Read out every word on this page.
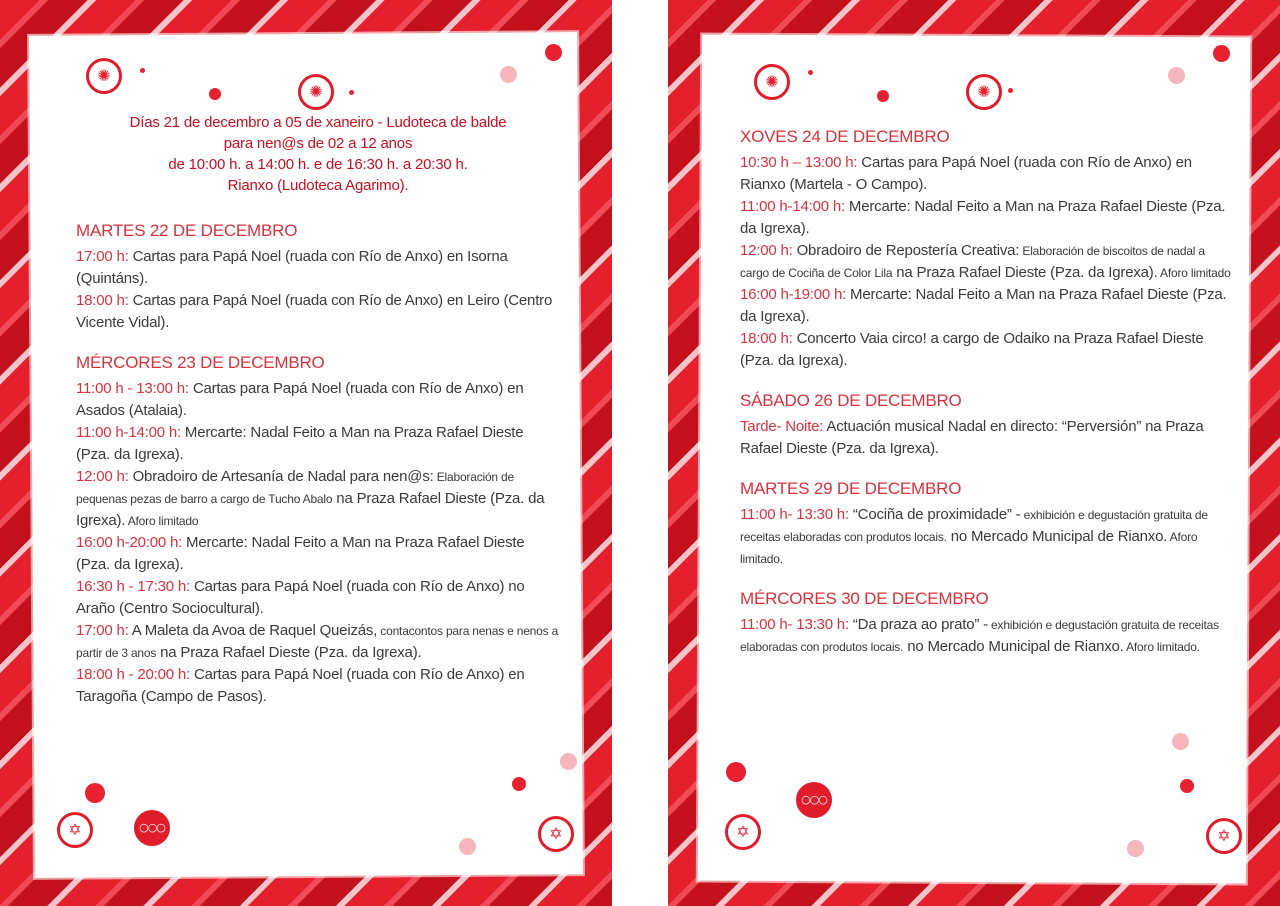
✺
✺
✡	○○○	✡
Días 21 de decembro a 05 de xaneiro - Ludoteca de balde
para nen@s de 02 a 12 anos
de 10:00 h. a 14:00 h. e de 16:30 h. a 20:30 h.
Rianxo (Ludoteca Agarimo).
MARTES 22 DE DECEMBRO

17:00 h: Cartas para Papá Noel (ruada con Río de Anxo) en Isorna (Quintáns).

18:00 h: Cartas para Papá Noel (ruada con Río de Anxo) en Leiro (Centro Vicente Vidal).

MÉRCORES 23 DE DECEMBRO

11:00 h - 13:00 h: Cartas para Papá Noel (ruada con Río de Anxo) en Asados (Atalaia).

11:00 h-14:00 h: Mercarte: Nadal Feito a Man na Praza Rafael Dieste (Pza. da Igrexa).

12:00 h: Obradoiro de Artesanía de Nadal para nen@s: Elaboración de pequenas pezas de barro a cargo de Tucho Abalo na Praza Rafael Dieste (Pza. da Igrexa). Aforo limitado

16:00 h-20:00 h: Mercarte: Nadal Feito a Man na Praza Rafael Dieste (Pza. da Igrexa).

16:30 h - 17:30 h: Cartas para Papá Noel (ruada con Río de Anxo) no Araño (Centro Sociocultural).

17:00 h: A Maleta da Avoa de Raquel Queizás, contacontos para nenas e nenos a partir de 3 anos na Praza Rafael Dieste (Pza. da Igrexa).

18:00 h - 20:00 h: Cartas para Papá Noel (ruada con Río de Anxo) en Taragoña (Campo de Pasos).

✺
✺
✡
○○○
✡
XOVES 24 DE DECEMBRO

10:30 h – 13:00 h: Cartas para Papá Noel (ruada con Río de Anxo) en Rianxo (Martela - O Campo).

11:00 h-14:00 h: Mercarte: Nadal Feito a Man na Praza Rafael Dieste (Pza. da Igrexa).

12:00 h: Obradoiro de Repostería Creativa: Elaboración de biscoitos de nadal a cargo de Cociña de Color Lila na Praza Rafael Dieste (Pza. da Igrexa). Aforo limitado

16:00 h-19:00 h: Mercarte: Nadal Feito a Man na Praza Rafael Dieste (Pza. da Igrexa).

18:00 h: Concerto Vaia circo! a cargo de Odaiko na Praza Rafael Dieste (Pza. da Igrexa).

SÁBADO 26 DE DECEMBRO

Tarde- Noite: Actuación musical Nadal en directo: “Perversión” na Praza Rafael Dieste (Pza. da Igrexa).

MARTES 29 DE DECEMBRO

11:00 h- 13:30 h: “Cociña de proximidade” - exhibición e degustación gratuita de receitas elaboradas con produtos locais. no Mercado Municipal de Rianxo. Aforo limitado.

MÉRCORES 30 DE DECEMBRO

11:00 h- 13:30 h: “Da praza ao prato” - exhibición e degustación gratuita de receitas elaboradas con produtos locais. no Mercado Municipal de Rianxo. Aforo limitado.
